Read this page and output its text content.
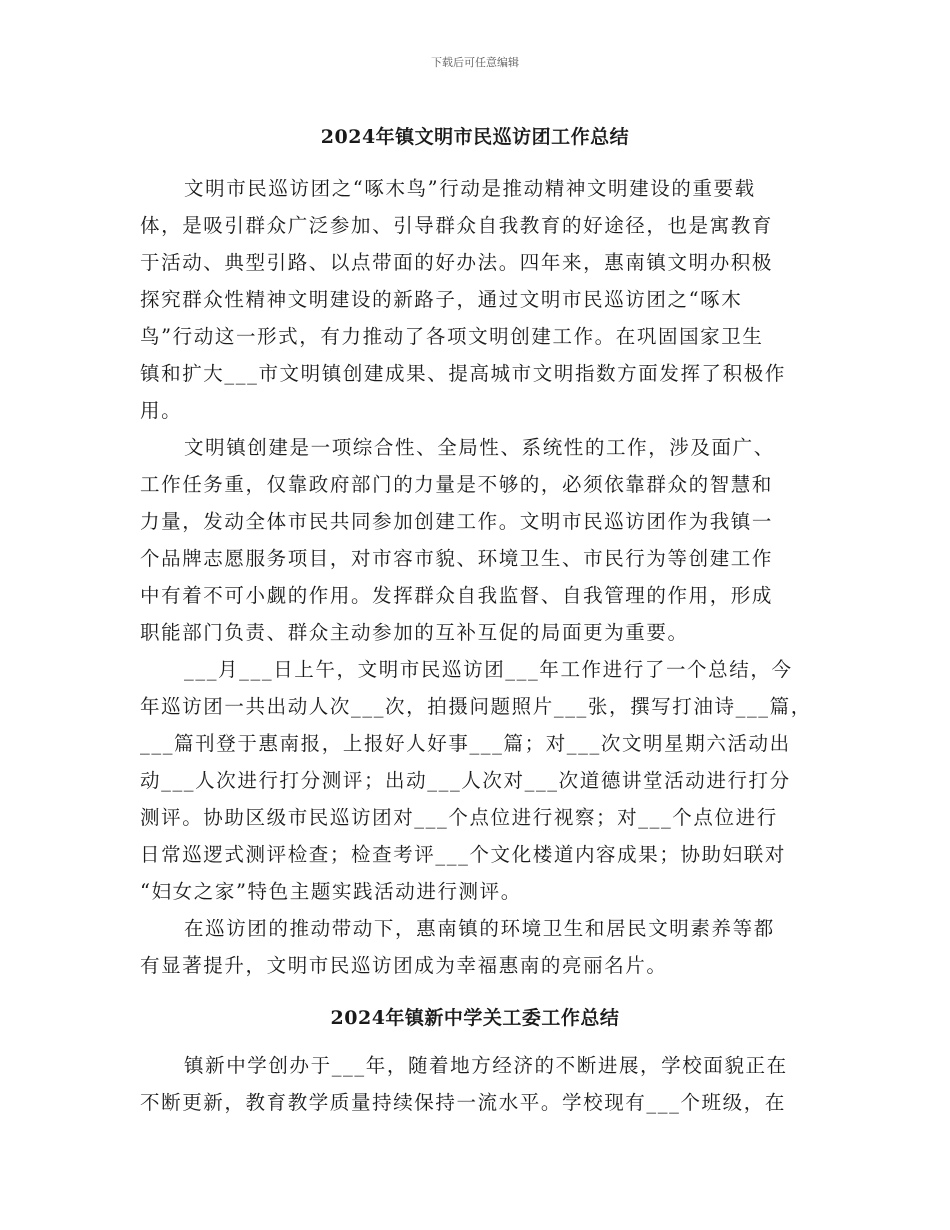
下载后可任意编辑
2024年镇文明市民巡访团工作总结

文明市民巡访团之“啄木鸟”行动是推动精神文明建设的重要载
体，是吸引群众广泛参加、引导群众自我教育的好途径，也是寓教育
于活动、典型引路、以点带面的好办法。四年来，惠南镇文明办积极
探究群众性精神文明建设的新路子，通过文明市民巡访团之“啄木
鸟”行动这一形式，有力推动了各项文明创建工作。在巩固国家卫生
镇和扩大___市文明镇创建成果、提高城市文明指数方面发挥了积极作
用。

文明镇创建是一项综合性、全局性、系统性的工作，涉及面广、
工作任务重，仅靠政府部门的力量是不够的，必须依靠群众的智慧和
力量，发动全体市民共同参加创建工作。文明市民巡访团作为我镇一
个品牌志愿服务项目，对市容市貌、环境卫生、市民行为等创建工作
中有着不可小觑的作用。发挥群众自我监督、自我管理的作用，形成
职能部门负责、群众主动参加的互补互促的局面更为重要。

___月___日上午，文明市民巡访团___年工作进行了一个总结，今
年巡访团一共出动人次___次，拍摄问题照片___张，撰写打油诗___篇，
___篇刊登于惠南报，上报好人好事___篇；对___次文明星期六活动出
动___人次进行打分测评；出动___人次对___次道德讲堂活动进行打分
测评。协助区级市民巡访团对___个点位进行视察；对___个点位进行
日常巡逻式测评检查；检查考评___个文化楼道内容成果；协助妇联对
“妇女之家”特色主题实践活动进行测评。

在巡访团的推动带动下，惠南镇的环境卫生和居民文明素养等都
有显著提升，文明市民巡访团成为幸福惠南的亮丽名片。

2024年镇新中学关工委工作总结

镇新中学创办于___年，随着地方经济的不断进展，学校面貌正在
不断更新，教育教学质量持续保持一流水平。学校现有___个班级，在
